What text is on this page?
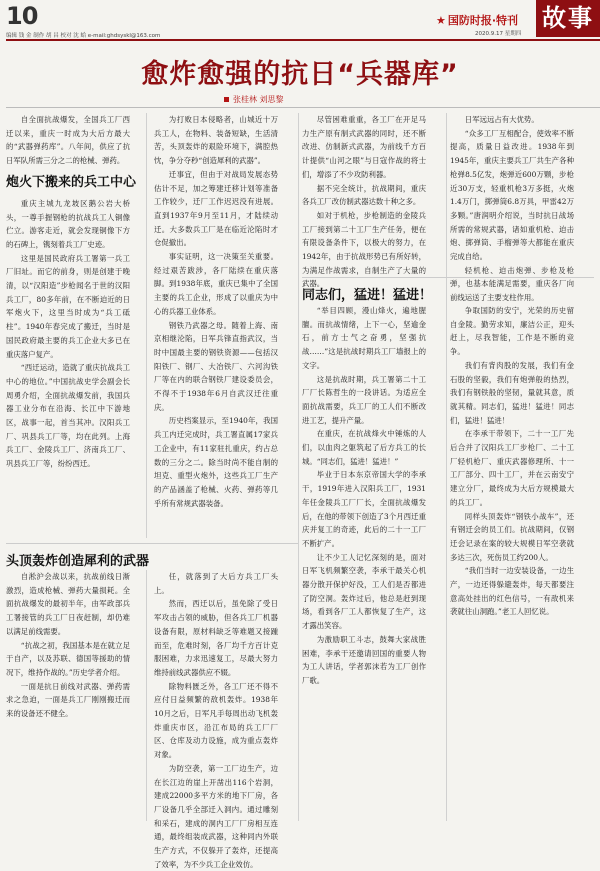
10
编辑 钱 金 制作 胡 昌 校对 沈 蛤 e-mail:ghdsyskl@163.com
★ 国防时报·特刊
2020.9.17 星期四
故事
愈炸愈强的抗日“兵器库”
张桂林 刘思黎

自全面抗战爆发，全国兵工厂西迁以来，重庆一时成为大后方最大的“武器弹药库”。八年间，供应了抗日军队所需三分之二的枪械、弹药。

炮火下搬来的兵工中心

重庆主城九龙坡区鹅公岩大桥头，一尊手握钢枪的抗战兵工人铜像伫立。游客走近，就会发现铜像下方的石碑上，镌刻着兵工厂史迹。

这里是国民政府兵工署第一兵工厂旧址。而它的前身，则是创建于晚清，以“汉阳造”步枪闻名于世的汉阳兵工厂，80多年前，在不断迫近的日军炮火下，这里当时成为“兵工砥柱”。1940年春完成了搬迁，当时是国民政府最主要的兵工企业大多已在重庆落户复产。

“西迁运动，造就了重庆抗战兵工中心的地位。”中国抗战史学会副会长周勇介绍，全面抗战爆发前，我国兵器工业分布在沿海、长江中下游地区，战事一起，首当其冲。汉阳兵工厂、巩县兵工厂等，均在此列。上海兵工厂、金陵兵工厂、济南兵工厂、巩县兵工厂等，纷纷西迁。

为打败日本侵略者，山城近十万兵工人，在物料、装备短缺，生活清苦，头顶轰炸的艰险环境下，满腔热忱，争分夺秒“创造犀利的武器”。

迁事宜，但由于对战局发展态势估计不足，加之筹建迁移计划等准备工作较少，迁厂工作迟迟没有进展。直到1937年9月至11月，才陆续动迁。大多数兵工厂是在临近沦陷时才仓促撤出。

事实证明，这一决策至关重要。经过艰苦跋涉，各厂陆续在重庆落脚。到1938年底，重庆已集中了全国主要的兵工企业，形成了以重庆为中心的兵器工业体系。

钢铁乃武器之母。随着上海、南京相继沦陷，日军兵锋直指武汉，当时中国最主要的钢铁资源——包括汉阳铁厂、钢厂、大冶铁厂、六河沟铁厂等在内的联合钢铁厂建设委员会，不得不于1938年6月自武汉迁往重庆。

历史档案显示，至1940年，我国兵工内迁完成时，兵工署直属17家兵工企业中，有11家驻扎重庆，约占总数的三分之二。除当时尚不能自制的坦克、重型火炮外，这些兵工厂生产的产品涵盖了枪械、火药、弹药等几乎所有常规武器装备。

头顶轰炸创造犀利的武器

自淞沪会战以来，抗战前线日渐激烈，造成枪械、弹药大量损耗。全面抗战爆发的最初半年，由军政部兵工署接管的兵工厂日夜赶制，却仍难以满足前线需要。

“抗战之初，我国基本是在就立足于自产，以及苏联、德国等援助的情况下，维持作战的。”历史学者介绍。

一面是抗日前线对武器、弹药需求之急迫，一面是兵工厂刚刚搬迁而来的设备还不健全。

任，就落到了大后方兵工厂头上。

然而，西迁以后，虽免除了受日军攻击占领的威胁，但各兵工厂机器设备有限，原材料缺乏等难题又接踵而至，危难时刻，各厂均千方百计克服困难，力求迅速复工，尽最大努力维持前线武器供应不辍。

除物料匮乏外，各工厂还不得不应付日益频繁的敌机轰炸。1938年10月之后，日军凡手每周出动飞机轰炸重庆市区，沿江布局的兵工厂厂区、仓库及动力设施，成为重点轰炸对象。

为防空袭，第一工厂边生产，边在长江边的崖上开凿出116个岩洞，建成22000多平方米的地下厂房，各厂设备几乎全部迁入洞内。通过雕刻和采石，建成的洞内工厂厂房相互连通，最终组装成武器，这种同内外联生产方式，不仅躲开了轰炸，还提高了效率，为不少兵工企业效仿。

尽管困难重重，各工厂在开足马力生产原有制式武器的同时，还不断改进、仿制新式武器，为前线千方百计提供“山河之眼”与日寇作战的将士们，增添了不少攻防利器。

据不完全统计，抗战期间，重庆各兵工厂改仿制武器达数十种之多。

如对于机枪，步枪制造的金陵兵工厂接到第二十工厂生产任务，便在有限设备条件下，以极大的努力，在1942年，由于抗战形势已有所好转，为满足作战需求，自制生产了大量的武器。

日军远远占有大优势。

“众多工厂互相配合，使效率不断提高，质量日益改进。1938年到1945年，重庆主要兵工厂共生产各种枪弹8.5亿发，炮弹近600万颗，步枪近30万支，轻重机枪3万多挺，火炮1.4万门，掷弹筒6.8万具，甲雷42万多颗。”唐润明介绍说，当时抗日战场所需的常规武器，诸如重机枪、迫击炮、掷弹筒、手榴弹等大都能在重庆完成自给。

轻机枪、迫击炮弹、步枪及枪弹，也基本能满足需要，重庆各厂向前线运送了主要支柱作用。

同志们，猛进！猛进！

“举目四顾，漫山烽火，遍地腥膻。而抗战情绪，上下一心，坚逾金石，前方士气之奋勇，坚强抗战……”这是抗战时期兵工厂墙报上的文字。

这是抗战时期，兵工署第二十工厂厂长陈哲生的一段讲话。为适应全面抗战需要，兵工厂的工人们不断改进工艺，提升产量。

在重庆，在抗战烽火中锤炼的人们，以血肉之躯筑起了后方兵工的长城。“同志们，猛进！猛进！”

毕业于日本东京帝国大学的李承干，1919年进入汉阳兵工厂，1931年任金陵兵工厂厂长，全面抗战爆发后，在他的带领下创造了3个月西迁重庆并复工的奇迹，此后的二十一工厂不断扩产。

让不少工人记忆深刻的是，面对日军飞机频繁空袭，李承干最关心机器分散开保护好没，工人们是否都进了防空洞。轰炸过后，他总是赶到现场，看到各厂工人都恢复了生产，这才露出笑容。

为激励职工斗志，鼓舞大家战胜困难，李承干还邀请回国的重要人物为工人讲话，学者郭沫若为工厂创作厂歌。

争取国防的安宁，光荣的历史留自金陵。勤劳求知，廉洁公正，迎头赶上，尽我智能，工作是不断的竞争。

我们有背肉股的发展，我们有金石股的坚毅，我们有炮弹般的热烈，我们有钢铁般的坚韧，量就其意，质就其精。同志们，猛进！猛进！同志们，猛进！猛进！

在李承干带领下，二十一工厂先后合并了汉阳兵工厂步枪厂、二十工厂轻机枪厂、重庆武器修理所、十一工厂部分、四十工厂，并在云南安宁建立分厂，最终成为大后方规模最大的兵工厂。

同样头顶轰炸“钢铁小战车”，还有钢迁会的员工们。抗战期间，仅钢迁会记录在案的较大规模日军空袭就多达三次，死伤员工约200人。

“我们当时一边安装设备，一边生产，一边还得躲避轰炸，每天都要注意高处挂出的红色信号，一有敌机来袭就往山洞跑。”老工人回忆说。
